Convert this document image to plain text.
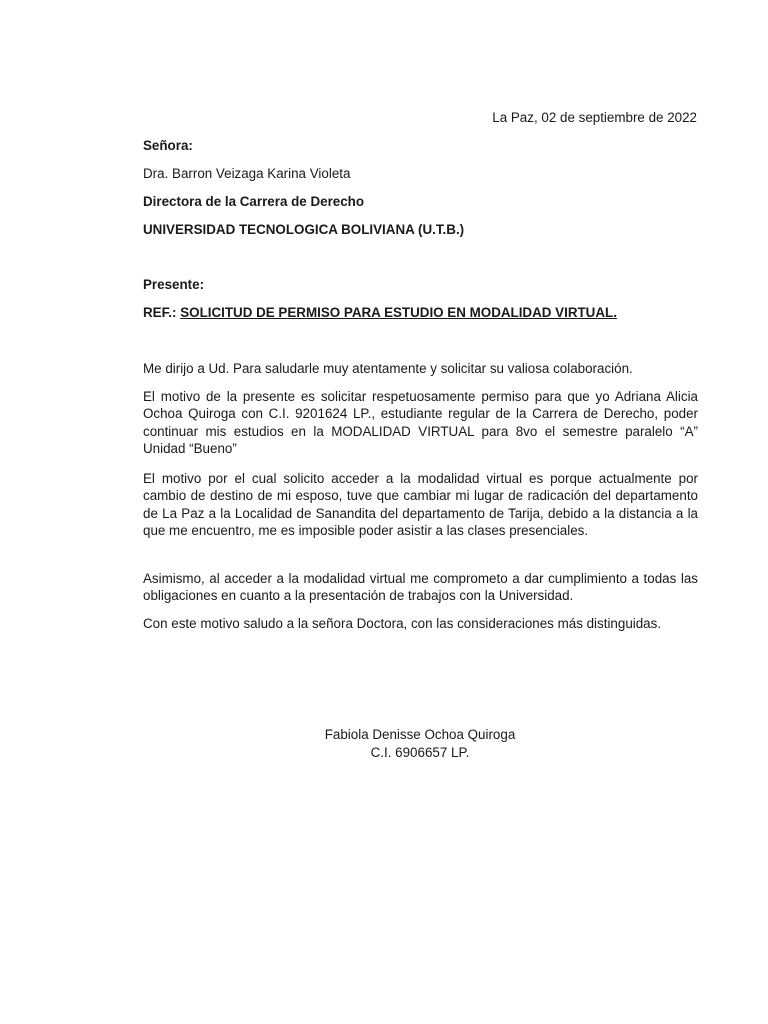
La Paz, 02 de septiembre de 2022
Señora:
Dra. Barron Veizaga Karina Violeta
Directora de la Carrera de Derecho
UNIVERSIDAD TECNOLOGICA BOLIVIANA (U.T.B.)
Presente:
REF.: SOLICITUD DE PERMISO PARA ESTUDIO EN MODALIDAD VIRTUAL.
Me dirijo a Ud. Para saludarle muy atentamente y solicitar su valiosa colaboración.
El motivo de la presente es solicitar respetuosamente permiso para que yo Adriana Alicia Ochoa Quiroga con C.I. 9201624 LP., estudiante regular de la Carrera de Derecho, poder continuar mis estudios en la MODALIDAD VIRTUAL para 8vo el semestre paralelo “A” Unidad “Bueno”
El motivo por el cual solicito acceder a la modalidad virtual es porque actualmente por cambio de destino de mi esposo, tuve que cambiar mi lugar de radicación del departamento de La Paz a la Localidad de Sanandita del departamento de Tarija, debido a la distancia a la que me encuentro, me es imposible poder asistir a las clases presenciales.
Asimismo, al acceder a la modalidad virtual me comprometo a dar cumplimiento a todas las obligaciones en cuanto a la presentación de trabajos con la Universidad.
Con este motivo saludo a la señora Doctora, con las consideraciones más distinguidas.
Fabiola Denisse Ochoa Quiroga
C.I. 6906657 LP.
